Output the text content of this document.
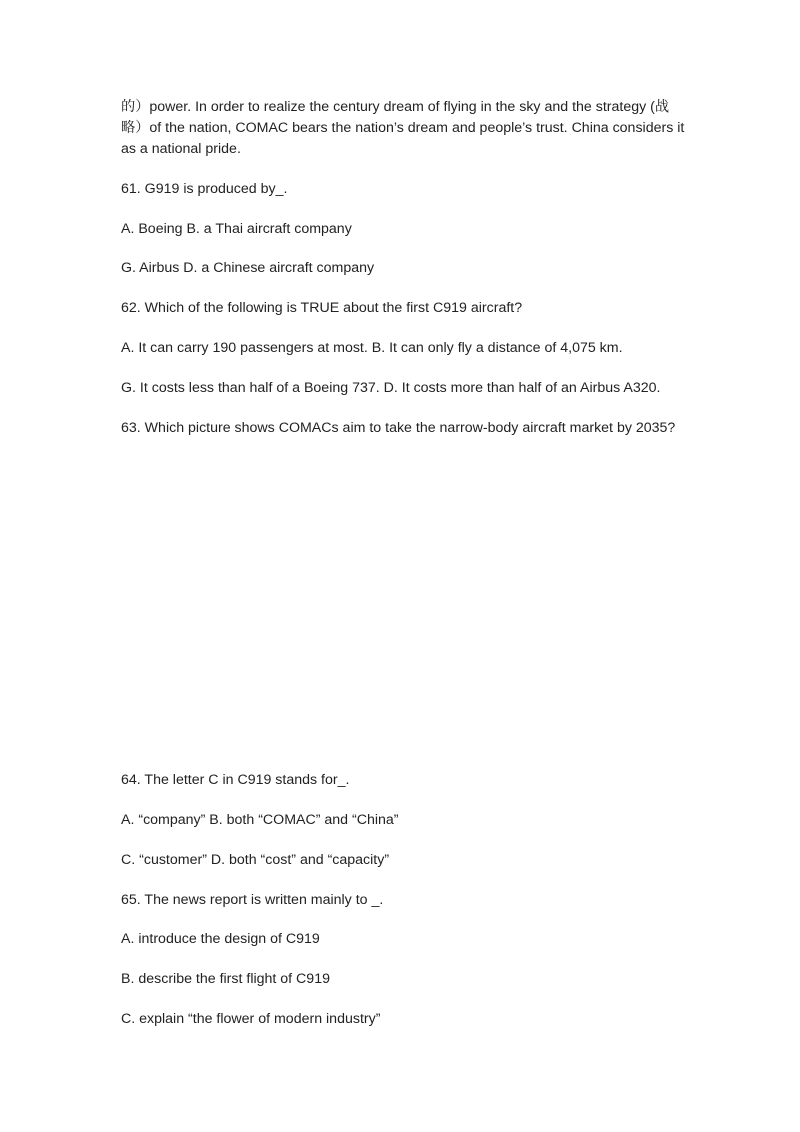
的）power. In order to realize the century dream of flying in the sky and the strategy (战
略）of the nation, COMAC bears the nation’s dream and people’s trust. China considers it
as a national pride.
61. G919 is produced by_.
A. Boeing B. a Thai aircraft company
G. Airbus D. a Chinese aircraft company
62. Which of the following is TRUE about the first C919 aircraft?
A. It can carry 190 passengers at most. B. It can only fly a distance of 4,075 km.
G. It costs less than half of a Boeing 737. D. It costs more than half of an Airbus A320.
63. Which picture shows COMACs aim to take the narrow-body aircraft market by 2035?
64. The letter C in C919 stands for_.
A. “company” B. both “COMAC” and “China”
C. “customer” D. both “cost” and “capacity”
65. The news report is written mainly to _.
A. introduce the design of C919
B. describe the first flight of C919
C. explain “the flower of modern industry”
